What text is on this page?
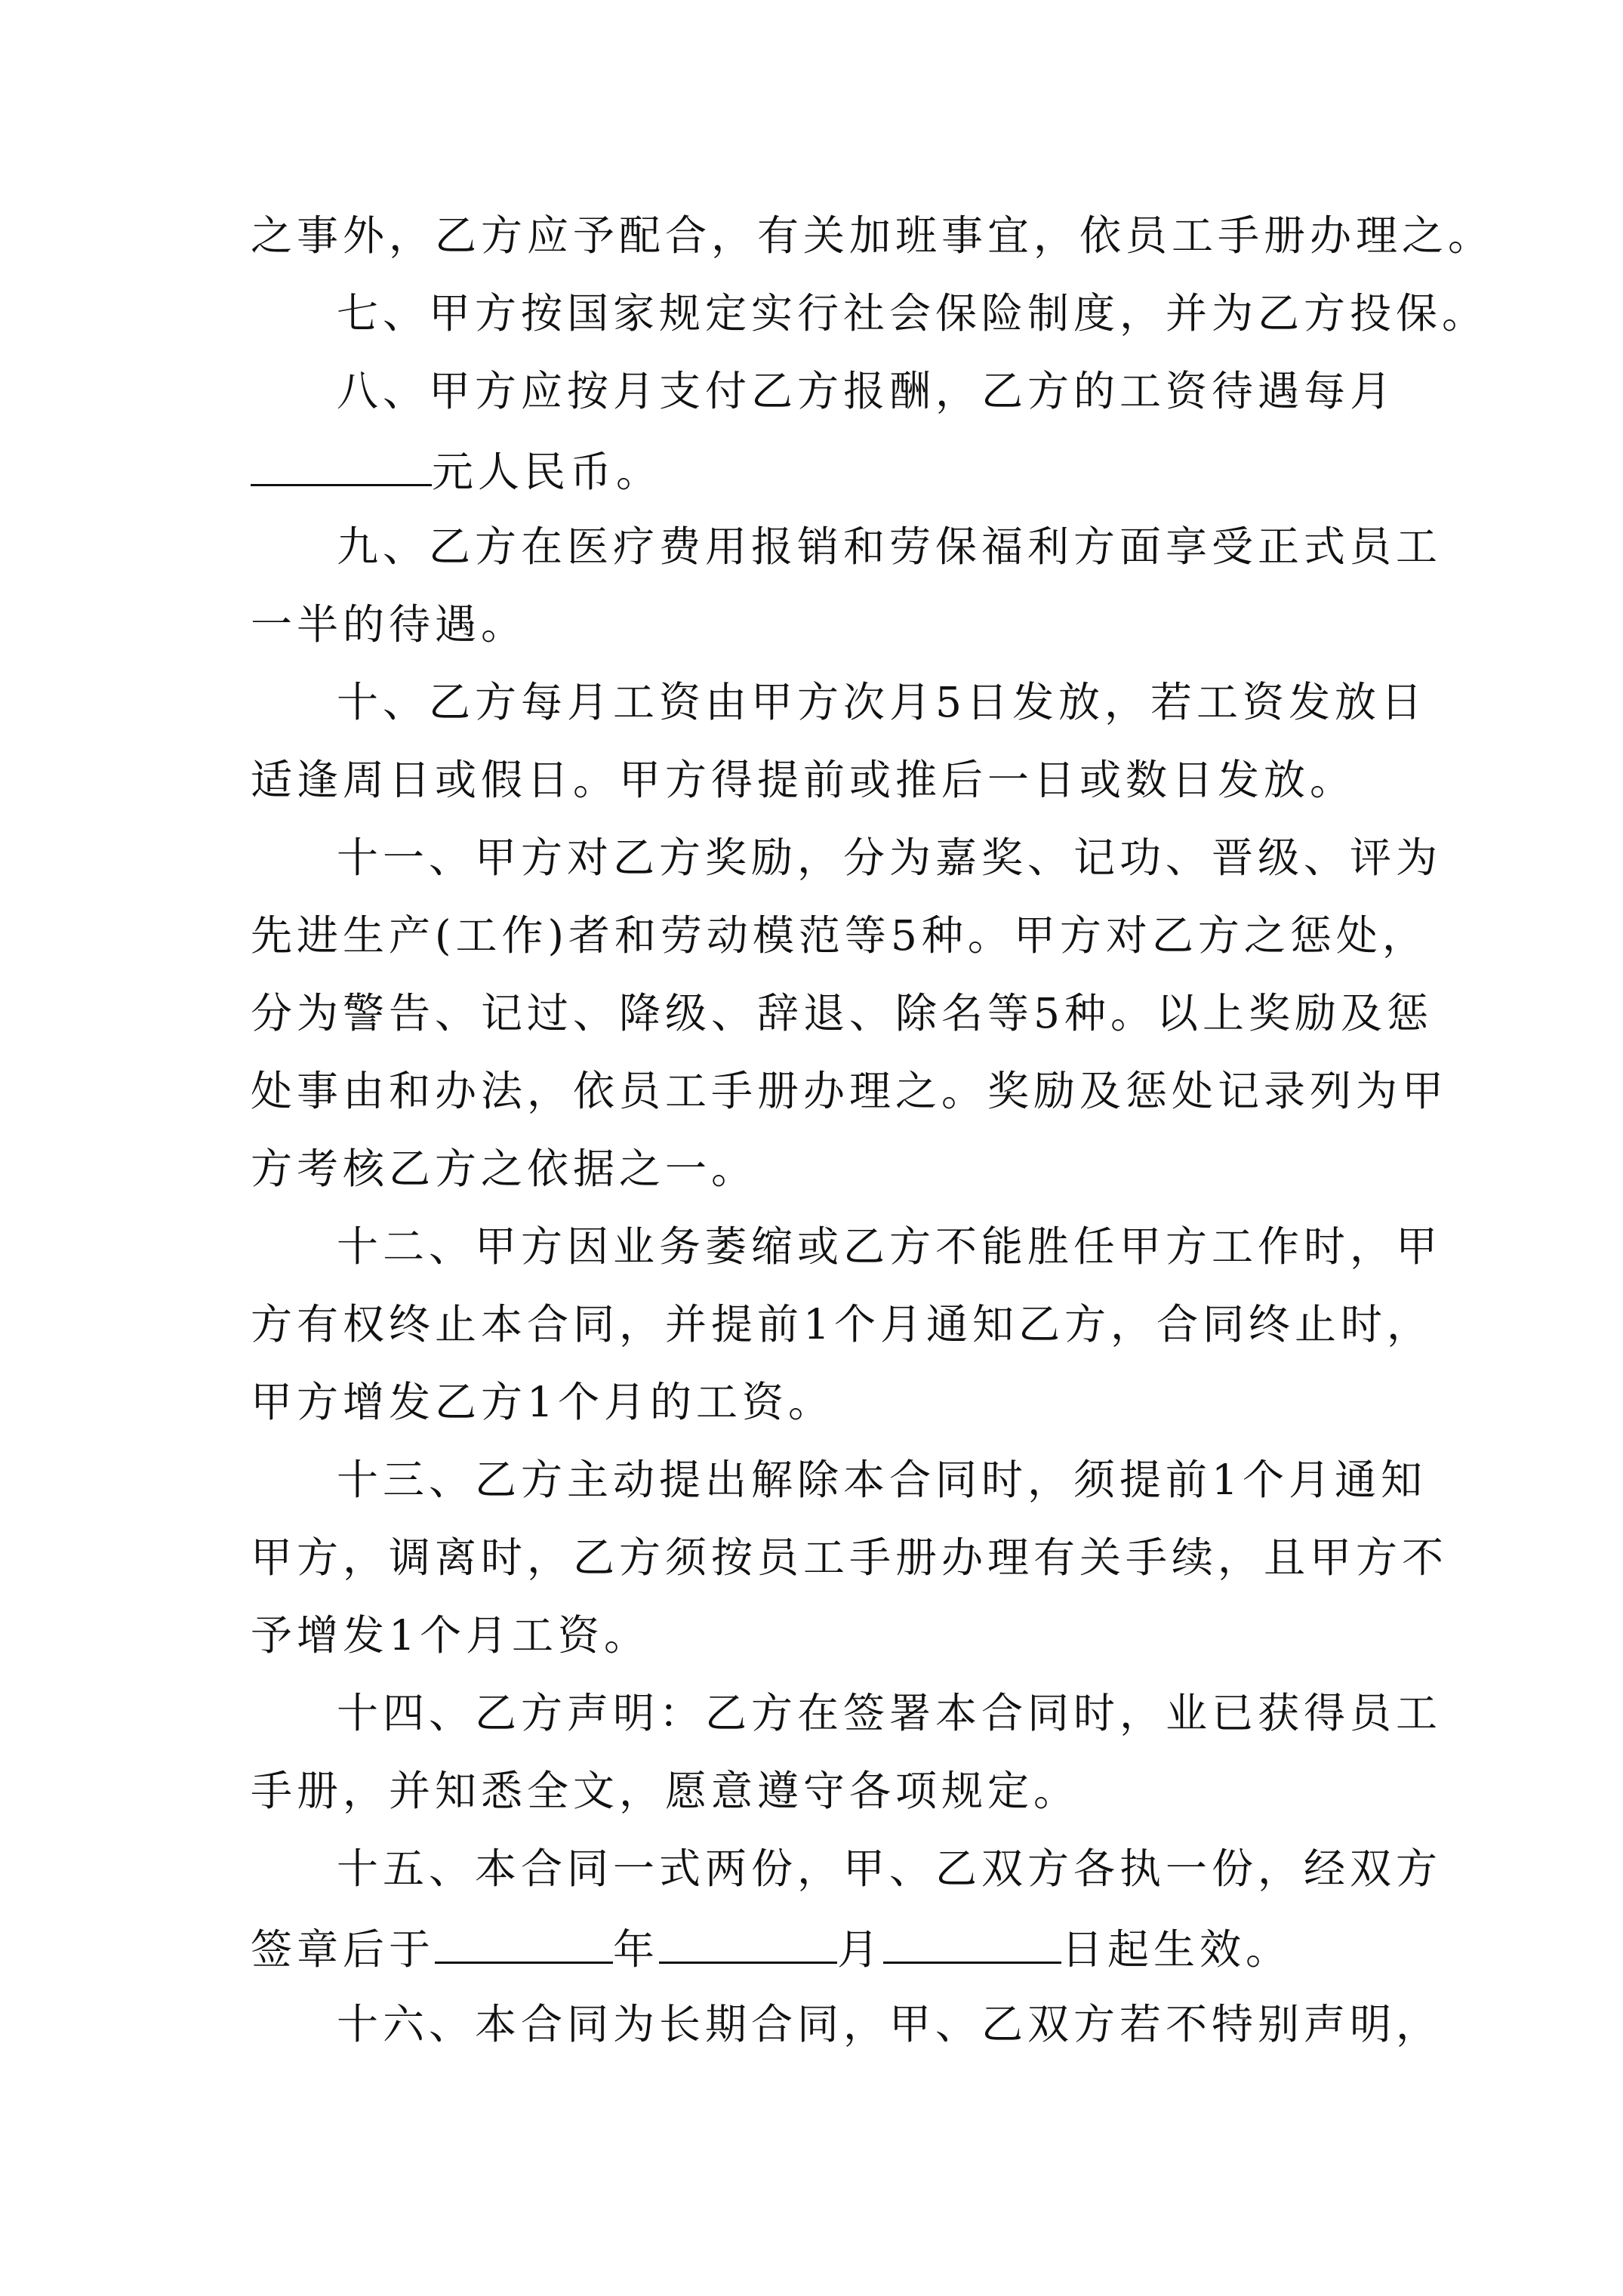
之事外，乙方应予配合，有关加班事宜，依员工手册办理之。
七、甲方按国家规定实行社会保险制度，并为乙方投保。
八、甲方应按月支付乙方报酬，乙方的工资待遇每月
元人民币。
九、乙方在医疗费用报销和劳保福利方面享受正式员工
一半的待遇。
十、乙方每月工资由甲方次月5日发放，若工资发放日
适逢周日或假日。甲方得提前或推后一日或数日发放。
十一、甲方对乙方奖励，分为嘉奖、记功、晋级、评为
先进生产(工作)者和劳动模范等5种。甲方对乙方之惩处，
分为警告、记过、降级、辞退、除名等5种。以上奖励及惩
处事由和办法，依员工手册办理之。奖励及惩处记录列为甲
方考核乙方之依据之一。
十二、甲方因业务萎缩或乙方不能胜任甲方工作时，甲
方有权终止本合同，并提前1个月通知乙方，合同终止时，
甲方增发乙方1个月的工资。
十三、乙方主动提出解除本合同时，须提前1个月通知
甲方，调离时，乙方须按员工手册办理有关手续，且甲方不
予增发1个月工资。
十四、乙方声明：乙方在签署本合同时，业已获得员工
手册，并知悉全文，愿意遵守各项规定。
十五、本合同一式两份，甲、乙双方各执一份，经双方
签章后于	年	月	日起生效。
十六、本合同为长期合同，甲、乙双方若不特别声明，
